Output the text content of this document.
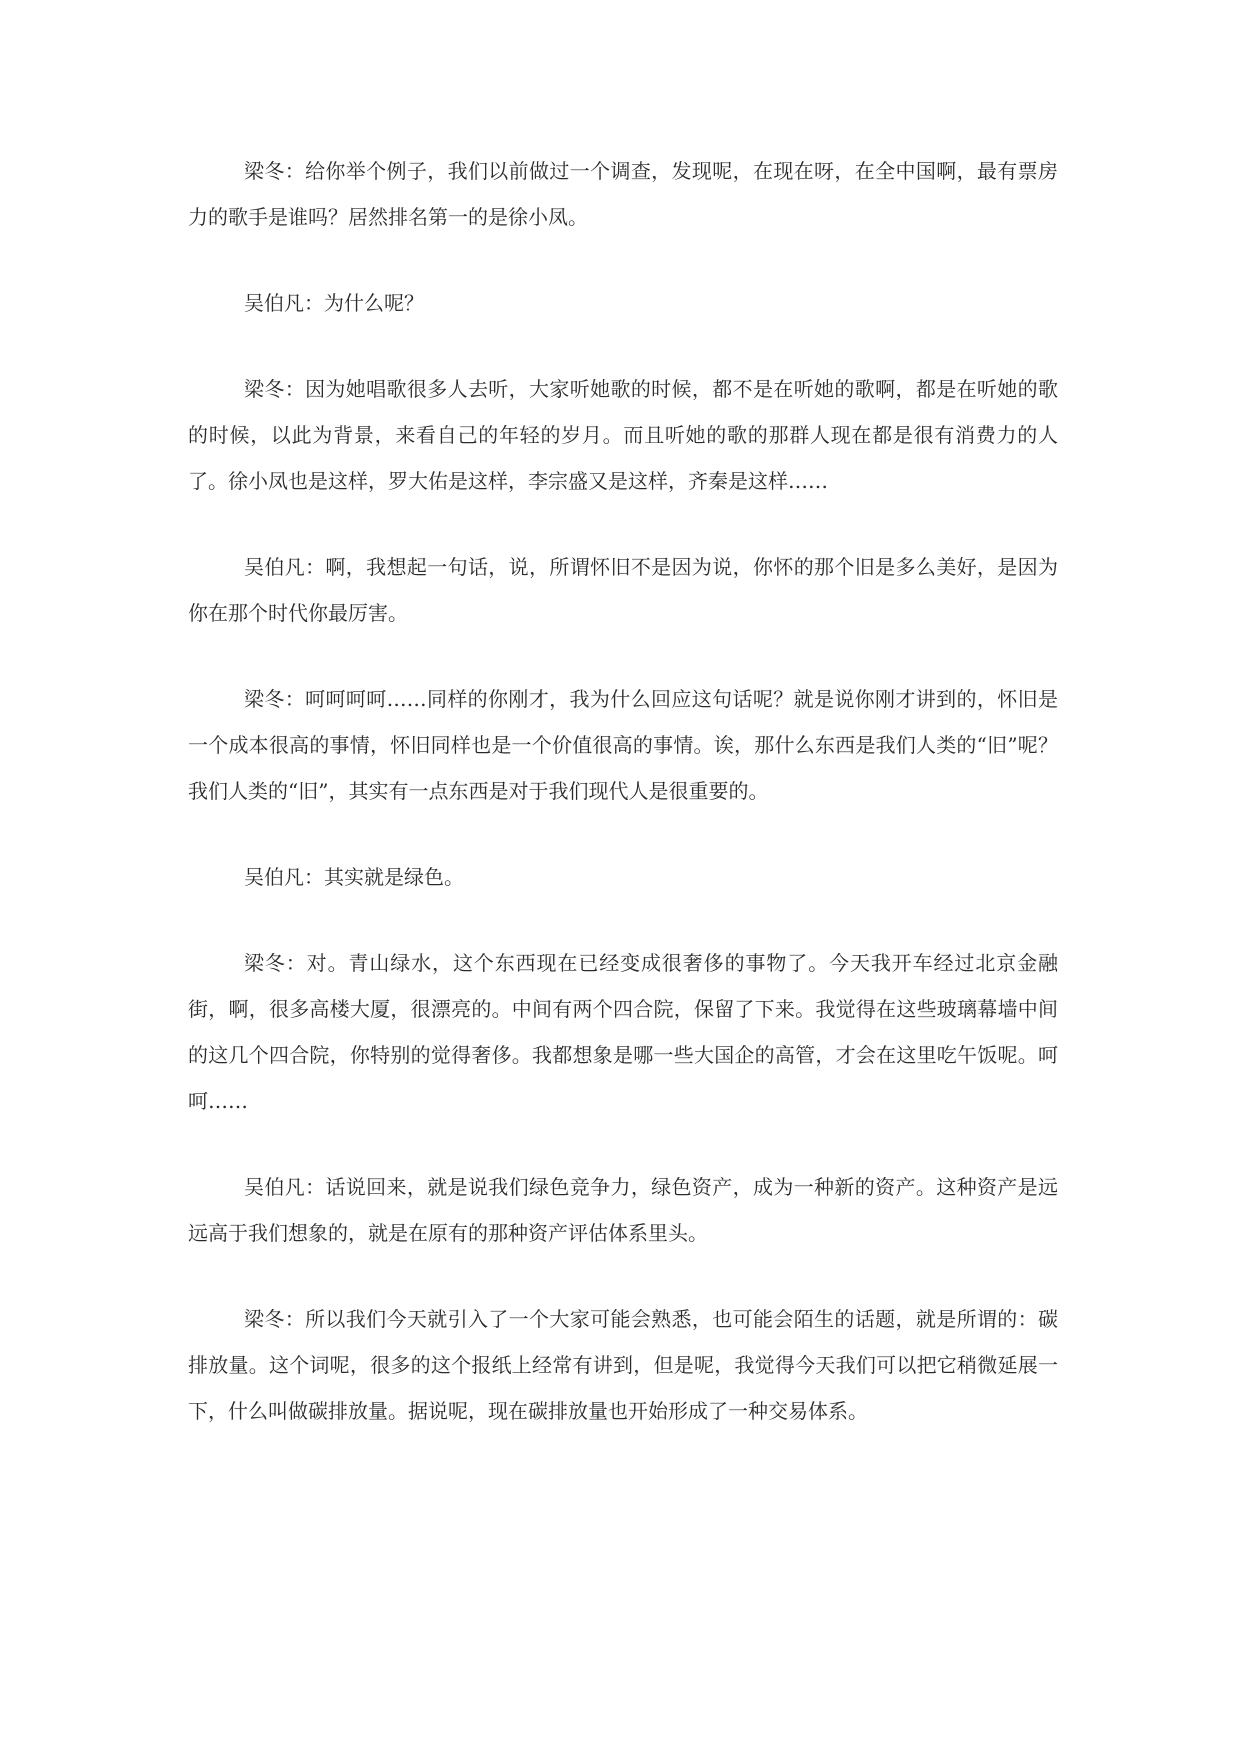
梁冬：给你举个例子，我们以前做过一个调查，发现呢，在现在呀，在全中国啊，最有票房力的歌手是谁吗？居然排名第一的是徐小凤。

吴伯凡：为什么呢？

梁冬：因为她唱歌很多人去听，大家听她歌的时候，都不是在听她的歌啊，都是在听她的歌的时候，以此为背景，来看自己的年轻的岁月。而且听她的歌的那群人现在都是很有消费力的人了。徐小凤也是这样，罗大佑是这样，李宗盛又是这样，齐秦是这样……

吴伯凡：啊，我想起一句话，说，所谓怀旧不是因为说，你怀的那个旧是多么美好，是因为你在那个时代你最厉害。

梁冬：呵呵呵呵……同样的你刚才，我为什么回应这句话呢？就是说你刚才讲到的，怀旧是一个成本很高的事情，怀旧同样也是一个价值很高的事情。诶，那什么东西是我们人类的“旧”呢？我们人类的“旧”，其实有一点东西是对于我们现代人是很重要的。

吴伯凡：其实就是绿色。

梁冬：对。青山绿水，这个东西现在已经变成很奢侈的事物了。今天我开车经过北京金融街，啊，很多高楼大厦，很漂亮的。中间有两个四合院，保留了下来。我觉得在这些玻璃幕墙中间的这几个四合院，你特别的觉得奢侈。我都想象是哪一些大国企的高管，才会在这里吃午饭呢。呵呵……

吴伯凡：话说回来，就是说我们绿色竞争力，绿色资产，成为一种新的资产。这种资产是远远高于我们想象的，就是在原有的那种资产评估体系里头。

梁冬：所以我们今天就引入了一个大家可能会熟悉，也可能会陌生的话题，就是所谓的：碳排放量。这个词呢，很多的这个报纸上经常有讲到，但是呢，我觉得今天我们可以把它稍微延展一下，什么叫做碳排放量。据说呢，现在碳排放量也开始形成了一种交易体系。
